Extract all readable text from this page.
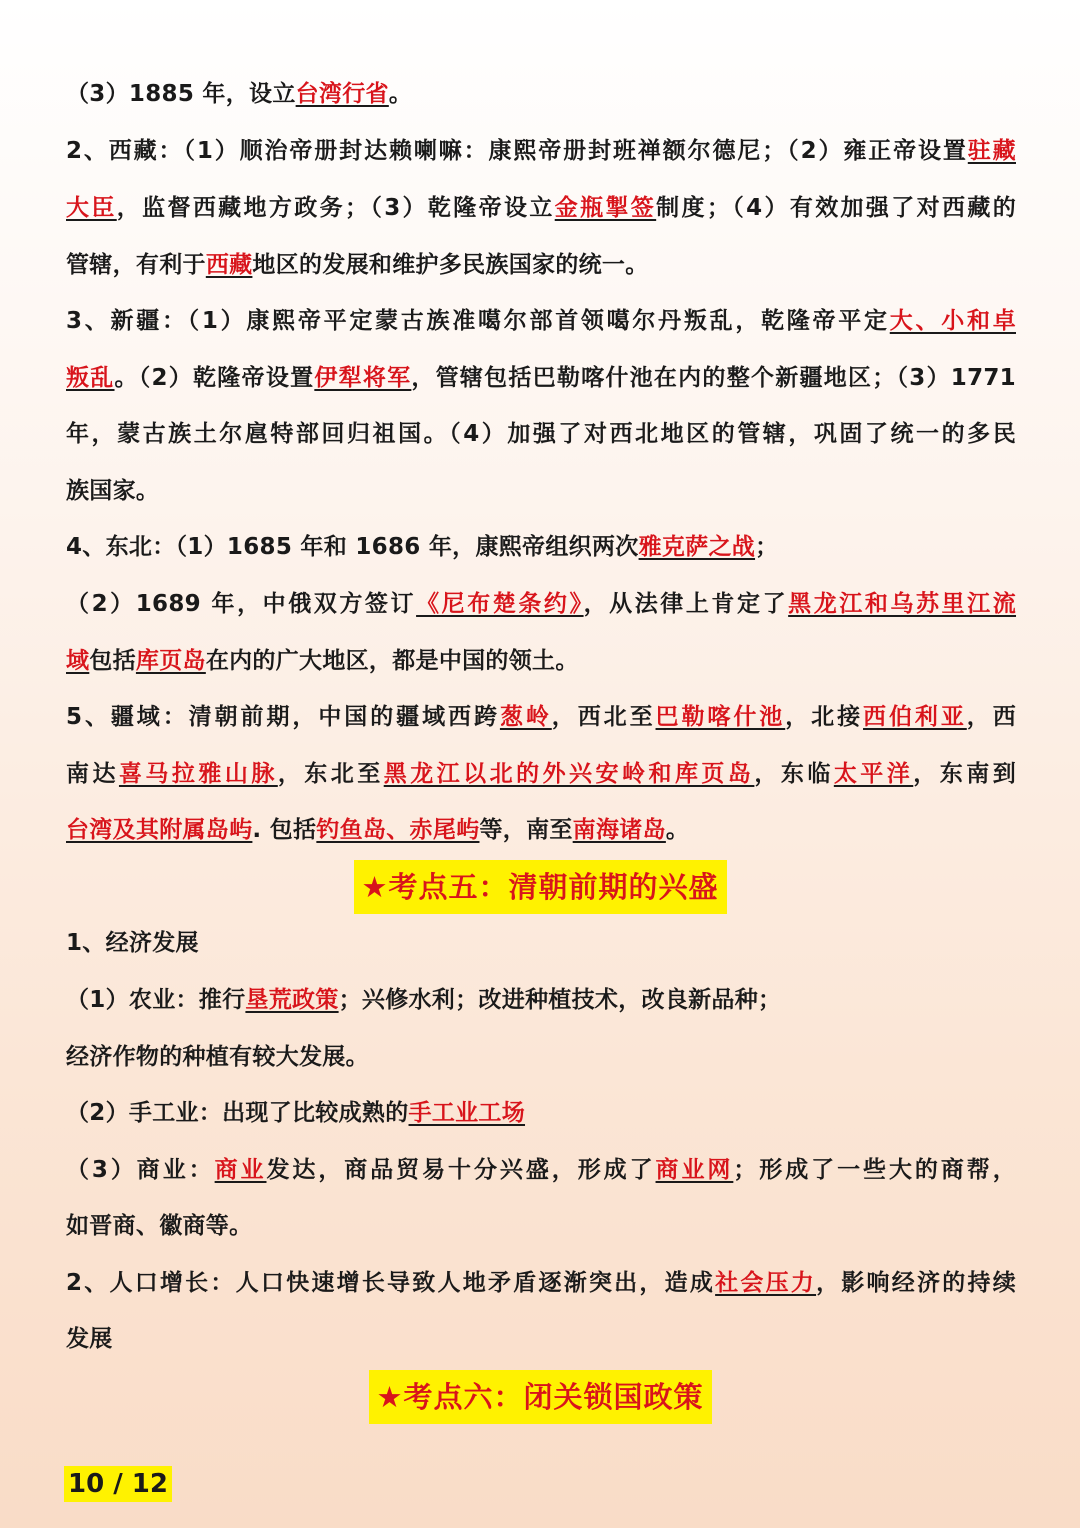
（3）1885 年，设立台湾行省。
2、西藏：（1）顺治帝册封达赖喇嘛：康熙帝册封班禅额尔德尼；（2）雍正帝设置驻藏
大臣，监督西藏地方政务；（3）乾隆帝设立金瓶掣签制度；（4）有效加强了对西藏的
管辖，有利于西藏地区的发展和维护多民族国家的统一。
3、新疆：（1）康熙帝平定蒙古族准噶尔部首领噶尔丹叛乱，乾隆帝平定大、小和卓
叛乱。（2）乾隆帝设置伊犁将军，管辖包括巴勒喀什池在内的整个新疆地区；（3）1771
年，蒙古族土尔扈特部回归祖国。（4）加强了对西北地区的管辖，巩固了统一的多民
族国家。
4、东北：（1）1685 年和 1686 年，康熙帝组织两次雅克萨之战；
（2）1689 年，中俄双方签订《尼布楚条约》，从法律上肯定了黑龙江和乌苏里江流
域包括库页岛在内的广大地区，都是中国的领土。
5、疆域：清朝前期，中国的疆域西跨葱岭，西北至巴勒喀什池，北接西伯利亚，西
南达喜马拉雅山脉，东北至黑龙江以北的外兴安岭和库页岛，东临太平洋，东南到
台湾及其附属岛屿. 包括钓鱼岛、赤尾屿等，南至南海诸岛。
★考点五：清朝前期的兴盛
1、经济发展
（1）农业：推行垦荒政策；兴修水利；改进种植技术，改良新品种；
经济作物的种植有较大发展。
（2）手工业：出现了比较成熟的手工业工场
（3）商业：商业发达，商品贸易十分兴盛，形成了商业网；形成了一些大的商帮，
如晋商、徽商等。
2、人口增长：人口快速增长导致人地矛盾逐渐突出，造成社会压力，影响经济的持续
发展
★考点六：闭关锁国政策
10 / 12
